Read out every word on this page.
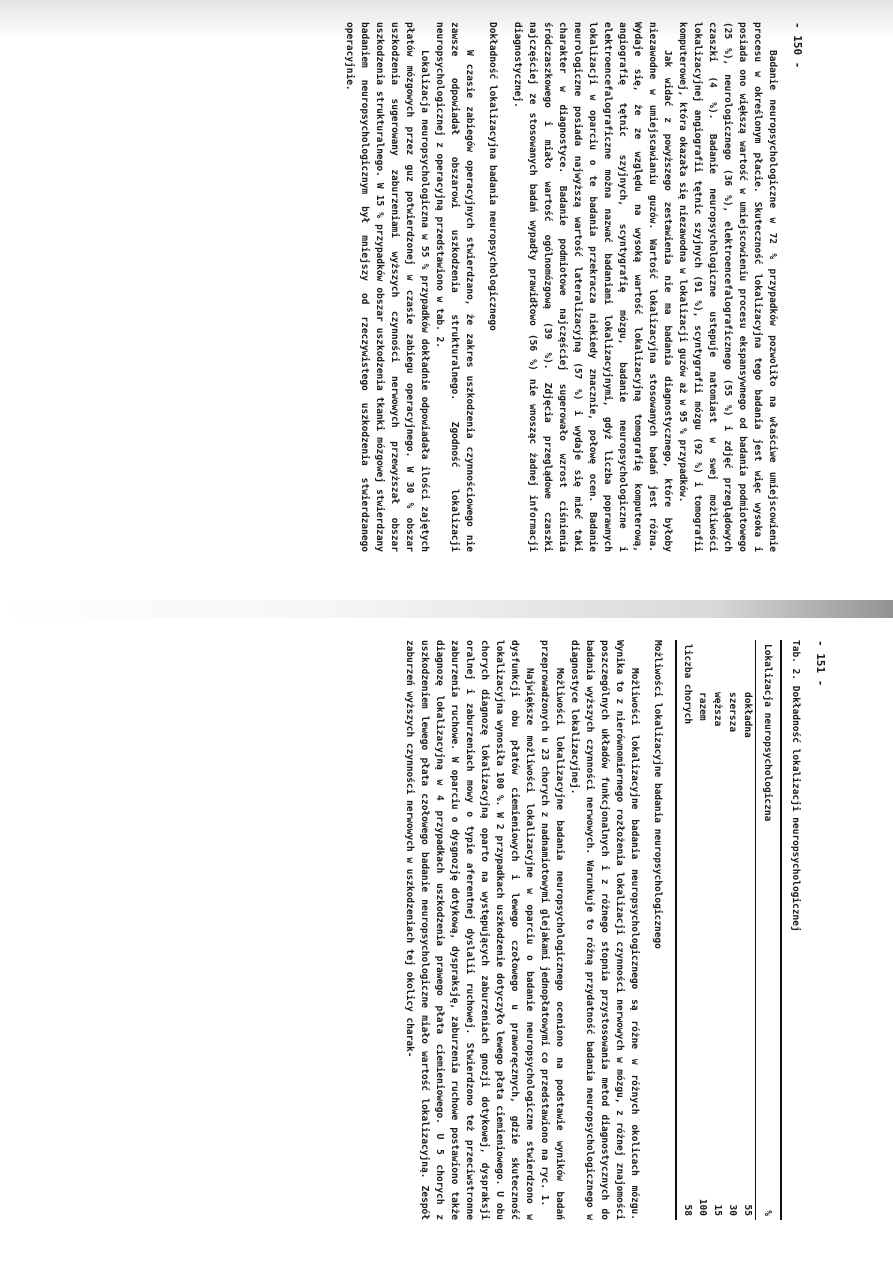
- 150 -

Badanie neuropsychologiczne w 72 % przypadków pozwoliło na właściwe umiejscowienie procesu w określonym płacie. Skuteczność lokalizacyjna tego badania jest więc wysoka i posiada ono większą wartość w umiejscowieniu procesu ekspansywnego od badania podmiotowego (25 %), neurologicznego (36 %), elektroencefalograficznego (55 %) i zdjęć przeglądowych czaszki (4 %). Badanie neuropsychologiczne ustępuje natomiast w swej możliwości lokalizacyjnej angiografii tętnic szyjnych (91 %), scyntygrafii mózgu (92 %) i tomografii komputerowej, która okazała się niezawodna w lokalizacji guzów aż w 95 % przypadków.

Jak widać z powyższego zestawienia nie ma badania diagnostycznego, które byłoby niezawodne w umiejscawianiu guzów. Wartość lokalizacyjna stosowanych badań jest różna. Wydaje się, że ze względu na wysoką wartość lokalizacyjną tomografię komputerową, angiografię tętnic szyjnych, scyntygrafię mózgu, badanie neuropsychologiczne i elektroencefalograficzne można nazwać badaniami lokalizacyjnymi, gdyż liczba poprawnych lokalizacji w oparciu o te badania przekracza niekiedy znacznie, połowę ocen. Badanie neurologiczne posiada najwyższą wartość lateralizacyjną (57 %) i wydaje się mieć taki charakter w diagnostyce. Badanie podmiotowe najczęściej sugerowało wzrost ciśnienia śródczaszkowego i miało wartość ogólnomózgową (39 %). Zdjęcia przeglądowe czaszki najczęściej ze stosowanych badań wypadły prawidłowo (56 %) nie wnosząc żadnej informacji diagnostycznej.

Dokładność lokalizacyjna badania neuropsychologicznego

W czasie zabiegów operacyjnych stwierdzano, że zakres uszkodzenia czynnościowego nie zawsze odpowiadał obszarowi uszkodzenia strukturalnego. Zgodność lokalizacji neuropsychologicznej z operacyjną przedstawiono w tab. 2.

Lokalizacja neuropsychologiczna w 55 % przypadków dokładnie odpowiadała ilości zajętych płatów mózgowych przez guz potwierdzonej w czasie zabiegu operacyjnego. W 30 % obszar uszkodzenia sugerowany zaburzeniami wyższych czynności nerwowych przewyższał obszar uszkodzenia strukturalnego. W 15 % przypadków obszar uszkodzenia tkanki mózgowej stwierdzany badaniem neuropsychologicznym był mniejszy od rzeczywistego uszkodzenia stwierdzanego operacyjnie.

- 151 -

Tab. 2. Dokładność lokalizacji neuropsychologicznej

Lokalizacja neuropsychologiczna	%
dokładna	55
szersza	30
węższa	15
razem	100
liczba chorych	58

Możliwości lokalizacyjne badania neuropsychologicznego

Możliwości lokalizacyjne badania neuropsychologicznego są różne w różnych okolicach mózgu. Wynika to z nierównomiernego rozłożenia lokalizacji czynności nerwowych w mózgu, z różnej znajomości poszczególnych układów funkcjonalnych i z różnego stopnia przystosowania metod diagnostycznych do badania wyższych czynności nerwowych. Warunkuje to różną przydatność badania neuropsychologicznego w diagnostyce lokalizacyjnej.

Możliwości lokalizacyjne badania neuropsychologicznego oceniono na podstawie wyników badań przeprowadzonych u 23 chorych z nadnamiotowymi glejakami jednopłatowymi co przedstawiono na ryc. 1.

Największe możliwości lokalizacyjne w oparciu o badanie neuropsychologiczne stwierdzono w dysfunkcji obu płatów ciemieniowych i lewego czołowego u praworęcznych, gdzie skuteczność lokalizacyjna wynosiła 100 %. W 2 przypadkach uszkodzenie dotyczyło lewego płata ciemieniowego. U obu chorych diagnozę lokalizacyjną oparto na występujących zaburzeniach gnozji dotykowej, dyspraksji oralnej i zaburzeniach mowy o typie aferentnej dyslalii ruchowej. Stwierdzono też przeciwstronne zaburzenia ruchowe. W oparciu o dysgnozję dotykową, dyspraksję, zaburzenia ruchowe postawiono także diagnozę lokalizacyjną w 4 przypadkach uszkodzenia prawego płata ciemieniowego. U 5 chorych z uszkodzeniem lewego płata czołowego badanie neuropsychologiczne miało wartość lokalizacyjną. Zespół zaburzeń wyższych czynności nerwowych w uszkodzeniach tej okolicy charak-
